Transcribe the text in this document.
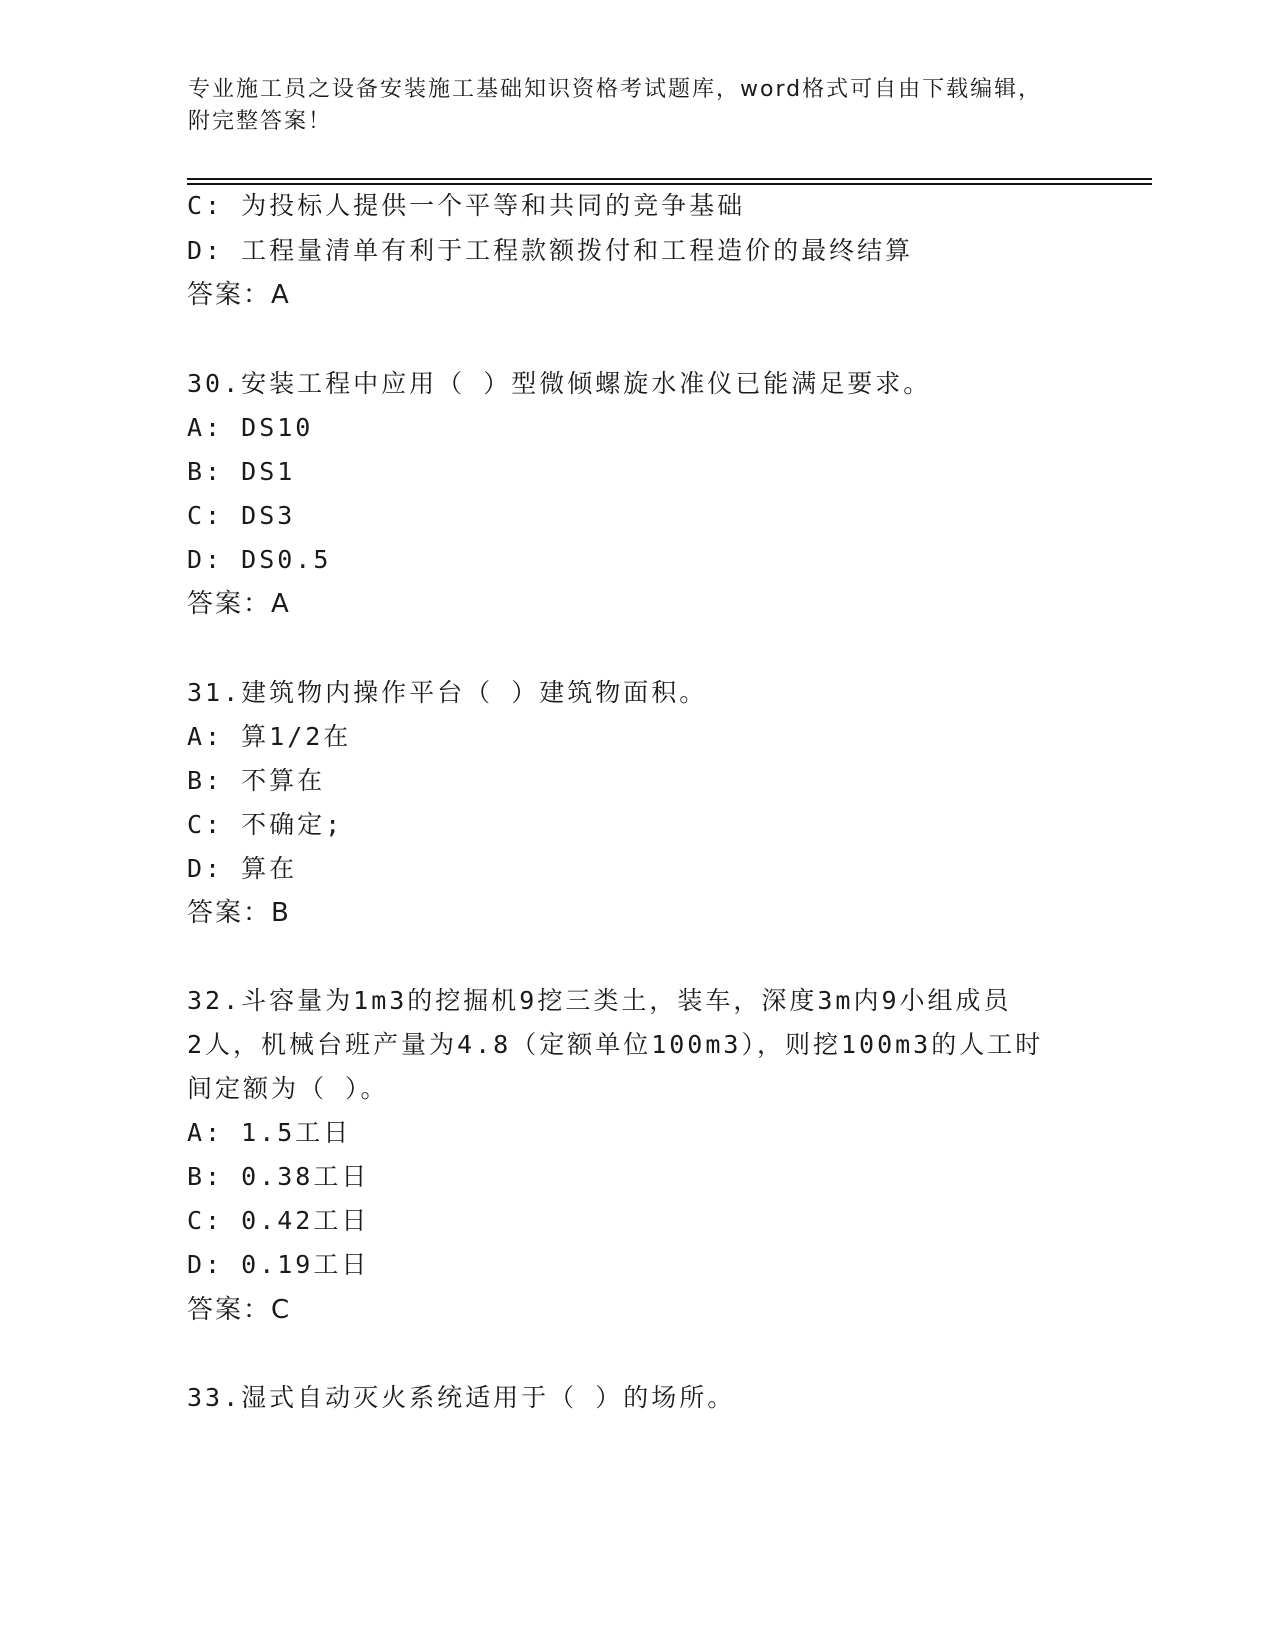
专业施工员之设备安装施工基础知识资格考试题库，word格式可自由下载编辑，
附完整答案！
C: 为投标人提供一个平等和共同的竞争基础
D: 工程量清单有利于工程款额拨付和工程造价的最终结算
答案：A
30.安装工程中应用（ ）型微倾螺旋水准仪已能满足要求。
A: DS10
B: DS1
C: DS3
D: DS0.5
答案：A
31.建筑物内操作平台（ ）建筑物面积。
A: 算1/2在
B: 不算在
C: 不确定;
D: 算在
答案：B
32.斗容量为1m3的挖掘机9挖三类土，装车，深度3m内9小组成员
2人，机械台班产量为4.8（定额单位100m3），则挖100m3的人工时
间定额为（ ）。
A: 1.5工日
B: 0.38工日
C: 0.42工日
D: 0.19工日
答案：C
33.湿式自动灭火系统适用于（ ）的场所。
